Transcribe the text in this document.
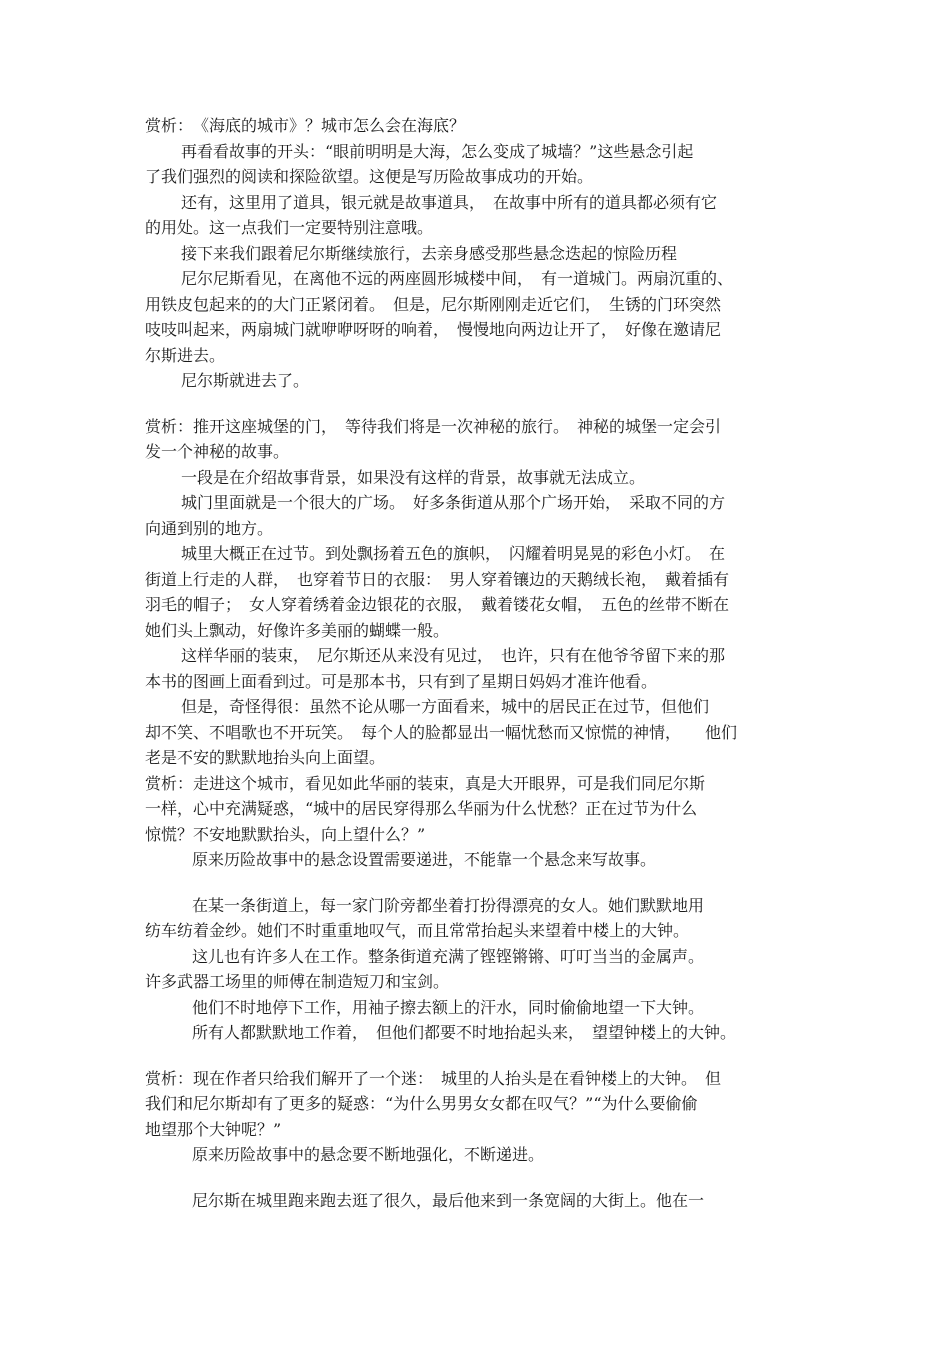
赏析：　《海底的城市》？城市怎么会在海底？
再看看故事的开头：“眼前明明是大海，怎么变成了城墙？”这些悬念引起
了我们强烈的阅读和探险欲望。这便是写历险故事成功的开始。
还有，这里用了道具，银元就是故事道具，　在故事中所有的道具都必须有它
的用处。这一点我们一定要特别注意哦。
接下来我们跟着尼尔斯继续旅行，去亲身感受那些悬念迭起的惊险历程
尼尔尼斯看见，在离他不远的两座圆形城楼中间，　有一道城门。两扇沉重的、
用铁皮包起来的的大门正紧闭着。　但是，尼尔斯刚刚走近它们，　生锈的门环突然
吱吱叫起来，两扇城门就咿咿呀呀的响着，　慢慢地向两边让开了，　好像在邀请尼
尔斯进去。
尼尔斯就进去了。
赏析：推开这座城堡的门，　等待我们将是一次神秘的旅行。　神秘的城堡一定会引
发一个神秘的故事。
一段是在介绍故事背景，如果没有这样的背景，故事就无法成立。
城门里面就是一个很大的广场。　好多条街道从那个广场开始，　采取不同的方
向通到别的地方。
城里大概正在过节。到处飘扬着五色的旗帜，　闪耀着明晃晃的彩色小灯。　在
街道上行走的人群，　也穿着节日的衣服：　男人穿着镶边的天鹅绒长袍，　戴着插有
羽毛的帽子；　女人穿着绣着金边银花的衣服，　戴着镂花女帽，　五色的丝带不断在
她们头上飘动，好像许多美丽的蝴蝶一般。
这样华丽的装束，　尼尔斯还从来没有见过，　也许，只有在他爷爷留下来的那
本书的图画上面看到过。可是那本书，只有到了星期日妈妈才准许他看。
但是，奇怪得很：虽然不论从哪一方面看来，城中的居民正在过节，但他们
却不笑、不唱歌也不开玩笑。　每个人的脸都显出一幅忧愁而又惊慌的神情，　　他们
老是不安的默默地抬头向上面望。
赏析：走进这个城市，看见如此华丽的装束，真是大开眼界，可是我们同尼尔斯
一样，心中充满疑惑，“城中的居民穿得那么华丽为什么忧愁？正在过节为什么
惊慌？不安地默默抬头，向上望什么？”
原来历险故事中的悬念设置需要递进，不能靠一个悬念来写故事。
在某一条街道上，每一家门阶旁都坐着打扮得漂亮的女人。她们默默地用
纺车纺着金纱。她们不时重重地叹气，而且常常抬起头来望着中楼上的大钟。
这儿也有许多人在工作。整条街道充满了铿铿锵锵、叮叮当当的金属声。
许多武器工场里的师傅在制造短刀和宝剑。
他们不时地停下工作，用袖子擦去额上的汗水，同时偷偷地望一下大钟。
所有人都默默地工作着，　但他们都要不时地抬起头来，　望望钟楼上的大钟。
赏析：现在作者只给我们解开了一个迷：　城里的人抬头是在看钟楼上的大钟。　但
我们和尼尔斯却有了更多的疑惑：“为什么男男女女都在叹气？”“为什么要偷偷
地望那个大钟呢？”
原来历险故事中的悬念要不断地强化，不断递进。
尼尔斯在城里跑来跑去逛了很久，最后他来到一条宽阔的大街上。他在一
